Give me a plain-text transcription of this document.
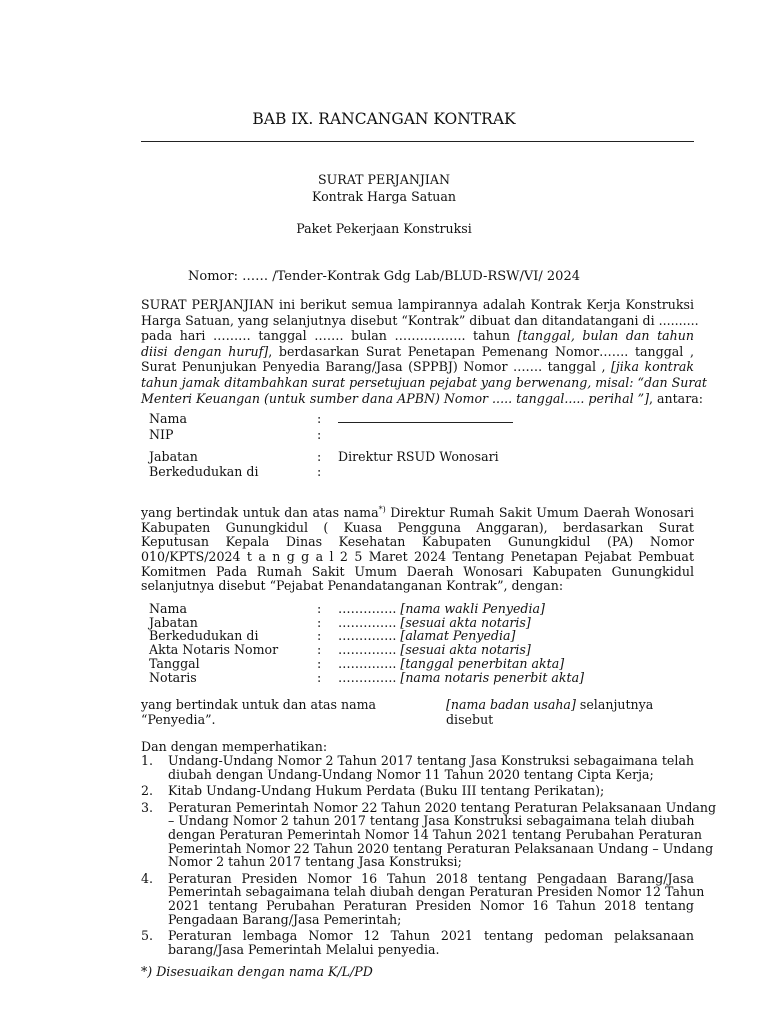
BAB IX. RANCANGAN KONTRAK
SURAT PERJANJIAN
Kontrak Harga Satuan
Paket Pekerjaan Konstruksi
Nomor: …… /Tender-Kontrak Gdg Lab/BLUD-RSW/VI/ 2024
SURAT PERJANJIAN ini berikut semua lampirannya adalah Kontrak Kerja Konstruksi
Harga Satuan, yang selanjutnya disebut “Kontrak” dibuat dan ditandatangani di ..........
pada hari ……… tanggal ……. bulan …………….. tahun [tanggal, bulan dan tahun
diisi dengan huruf], berdasarkan Surat Penetapan Pemenang Nomor……. tanggal ,
Surat Penunjukan Penyedia Barang/Jasa (SPPBJ) Nomor ……. tanggal , [jika kontrak
tahun jamak ditambahkan surat persetujuan pejabat yang berwenang, misal: “dan Surat
Menteri Keuangan (untuk sumber dana APBN) Nomor ..... tanggal..... perihal ”], antara:
Nama	:
NIP	:
Jabatan	: Direktur RSUD Wonosari
Berkedudukan di	:
yang bertindak untuk dan atas nama*) Direktur Rumah Sakit Umum Daerah Wonosari
Kabupaten Gunungkidul ( Kuasa Pengguna Anggaran), berdasarkan Surat
Keputusan Kepala Dinas Kesehatan Kabupaten Gunungkidul (PA) Nomor
010/KPTS/2024 t a n g g a l 2 5 Maret 2024 Tentang Penetapan Pejabat Pembuat
Komitmen Pada Rumah Sakit Umum Daerah Wonosari Kabupaten Gunungkidul
selanjutnya disebut “Pejabat Penandatanganan Kontrak”, dengan:
Nama	: ………….. [nama wakli Penyedia]
Jabatan	: ………….. [sesuai akta notaris]
Berkedudukan di	: ………….. [alamat Penyedia]
Akta Notaris Nomor	: ………….. [sesuai akta notaris]
Tanggal	: ………….. [tanggal penerbitan akta]
Notaris	: ………….. [nama notaris penerbit akta]
yang bertindak untuk dan atas nama	[nama badan usaha] selanjutnya disebut
“Penyedia”.
Dan dengan memperhatikan:
1. Undang-Undang Nomor 2 Tahun 2017 tentang Jasa Konstruksi sebagaimana telah
diubah dengan Undang-Undang Nomor 11 Tahun 2020 tentang Cipta Kerja;
2. Kitab Undang-Undang Hukum Perdata (Buku III tentang Perikatan);
3. Peraturan Pemerintah Nomor 22 Tahun 2020 tentang Peraturan Pelaksanaan Undang
– Undang Nomor 2 tahun 2017 tentang Jasa Konstruksi sebagaimana telah diubah
dengan Peraturan Pemerintah Nomor 14 Tahun 2021 tentang Perubahan Peraturan
Pemerintah Nomor 22 Tahun 2020 tentang Peraturan Pelaksanaan Undang – Undang
Nomor 2 tahun 2017 tentang Jasa Konstruksi;
4. Peraturan Presiden Nomor 16 Tahun 2018 tentang Pengadaan Barang/Jasa
Pemerintah sebagaimana telah diubah dengan Peraturan Presiden Nomor 12 Tahun
2021 tentang Perubahan Peraturan Presiden Nomor 16 Tahun 2018 tentang
Pengadaan Barang/Jasa Pemerintah;
5. Peraturan lembaga Nomor 12 Tahun 2021 tentang pedoman pelaksanaan
barang/Jasa Pemerintah Melalui penyedia.
*) Disesuaikan dengan nama K/L/PD
